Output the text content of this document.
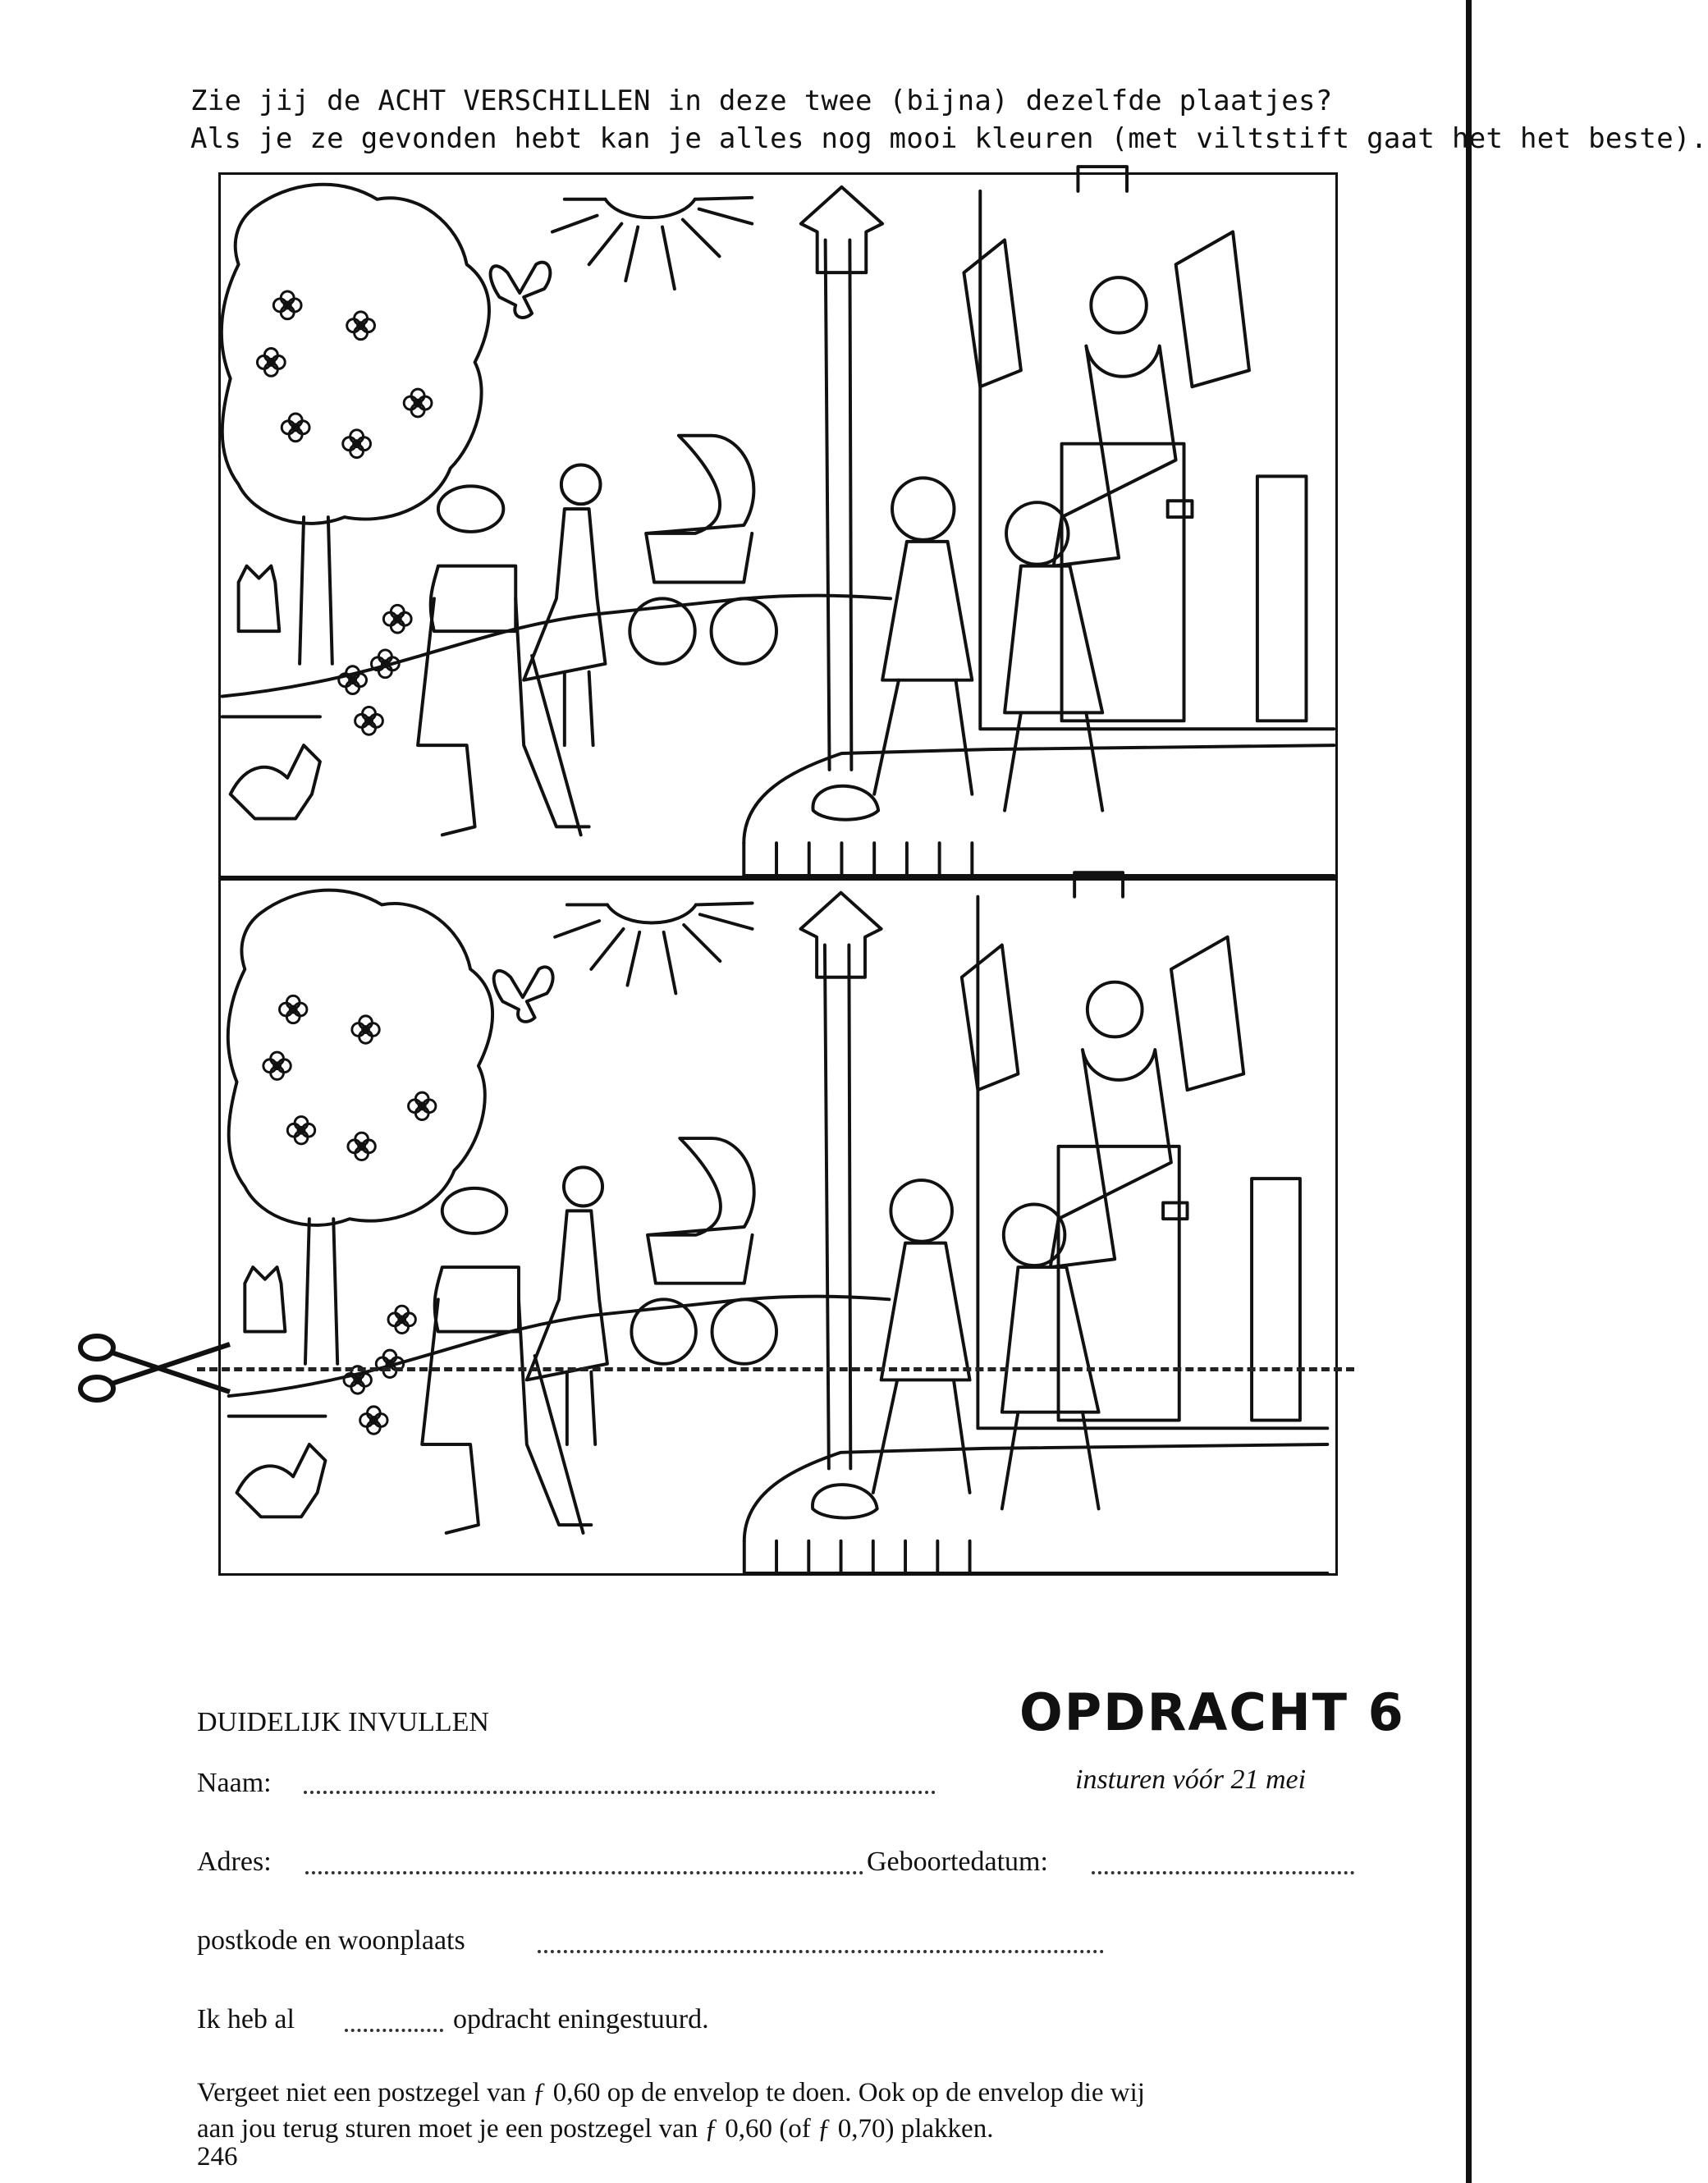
Zie jij de ACHT VERSCHILLEN in deze twee (bijna) dezelfde plaatjes?
Als je ze gevonden hebt kan je alles nog mooi kleuren (met viltstift gaat het het beste).
DUIDELIJK INVULLEN	OPDRACHT 6
Naam:	insturen vóór 21 mei
Adres:	Geboortedatum:
postkode en woonplaats
Ik heb al	opdracht eningestuurd.
Vergeet niet een postzegel van ƒ 0,60 op de envelop te doen. Ook op de envelop die wij
aan jou terug sturen moet je een postzegel van ƒ 0,60 (of ƒ 0,70) plakken.
246
